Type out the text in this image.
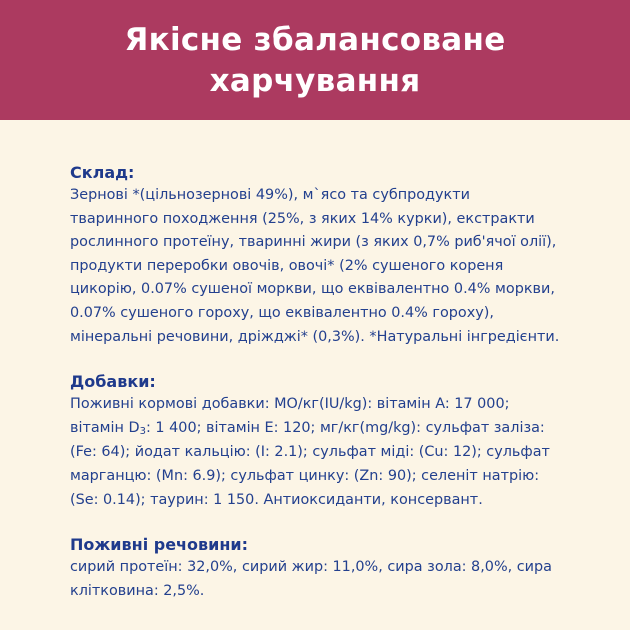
Якісне збалансоване харчування

Склад:

Зернові *(цільнозернові 49%), м`ясо та субпродукти тваринного походження (25%, з яких 14% курки), екстракти рослинного протеїну, тваринні жири (з яких 0,7% риб'ячої олії), продукти переробки овочів, овочі* (2% сушеного кореня цикорію, 0.07% сушеної моркви, що еквівалентно 0.4% моркви, 0.07% сушеного гороху, що еквівалентно 0.4% гороху), мінеральні речовини, дріжджі* (0,3%). *Натуральні інгредієнти.

Добавки:

Поживні кормові добавки: МО/кг(IU/kg): вітамін A: 17 000; вітамін D3: 1 400; вітамін E: 120; мг/кг(mg/kg): сульфат заліза: (Fe: 64); йодат кальцію: (I: 2.1); сульфат міді: (Cu: 12); сульфат марганцю: (Mn: 6.9); сульфат цинку: (Zn: 90); селеніт натрію: (Se: 0.14); таурин: 1 150. Антиоксиданти, консервант.

Поживні речовини:

сирий протеїн: 32,0%, сирий жир: 11,0%, сира зола: 8,0%, сира клітковина: 2,5%.
